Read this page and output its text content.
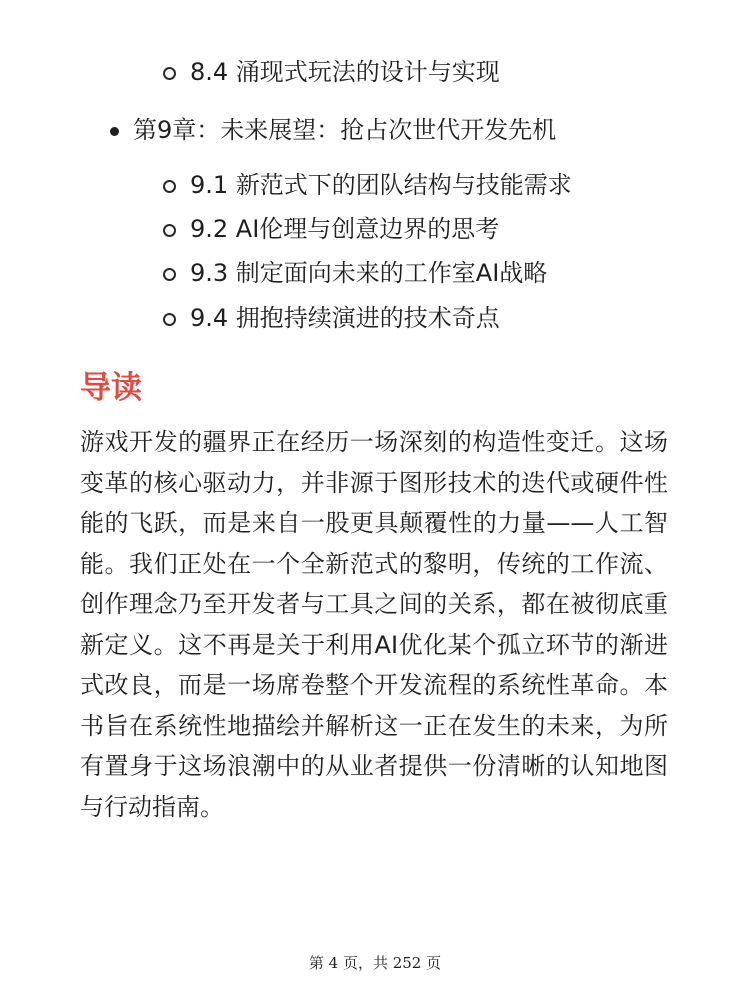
8.4 涌现式玩法的设计与实现
第9章：未来展望：抢占次世代开发先机
9.1 新范式下的团队结构与技能需求
9.2 AI伦理与创意边界的思考
9.3 制定面向未来的工作室AI战略
9.4 拥抱持续演进的技术奇点
导读

游戏开发的疆界正在经历一场深刻的构造性变迁。这场变革的核心驱动力，并非源于图形技术的迭代或硬件性能的飞跃，而是来自一股更具颠覆性的力量——人工智能。我们正处在一个全新范式的黎明，传统的工作流、创作理念乃至开发者与工具之间的关系，都在被彻底重新定义。这不再是关于利用AI优化某个孤立环节的渐进式改良，而是一场席卷整个开发流程的系统性革命。本书旨在系统性地描绘并解析这一正在发生的未来，为所有置身于这场浪潮中的从业者提供一份清晰的认知地图与行动指南。

第 4 页，共 252 页
